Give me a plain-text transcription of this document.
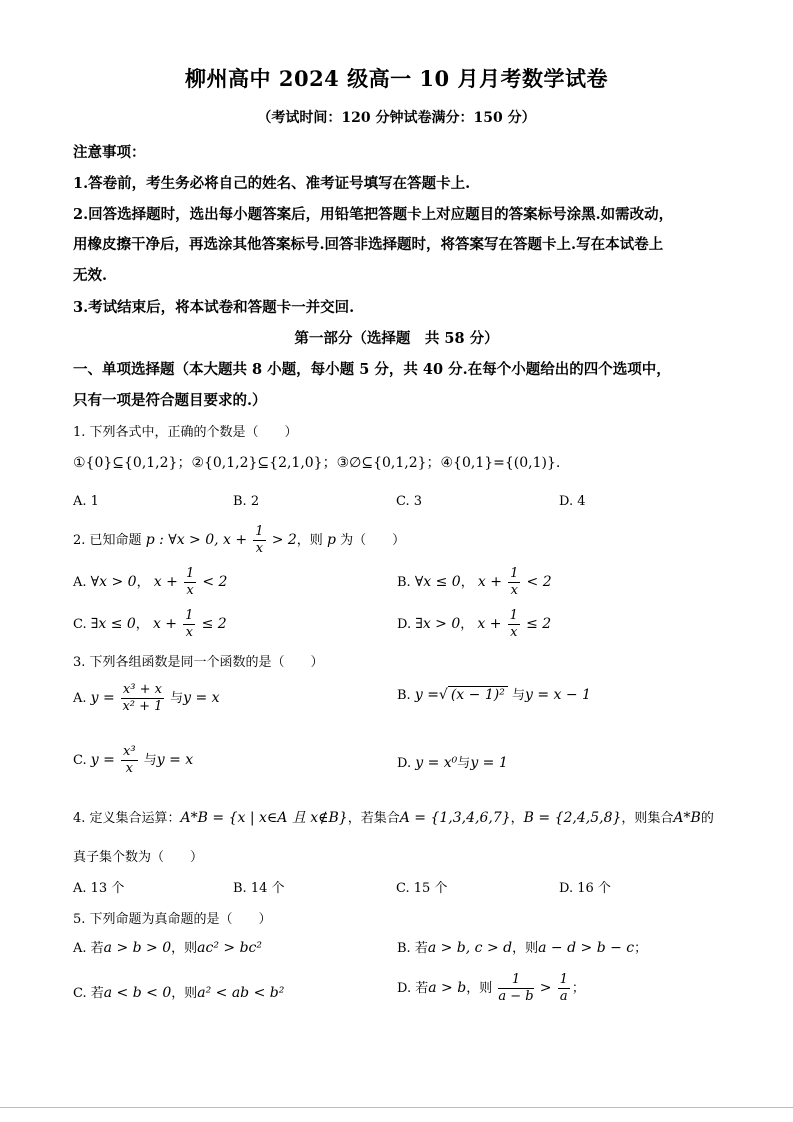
柳州高中 2024 级高一 10 月月考数学试卷
（考试时间：120 分钟试卷满分：150 分）
注意事项：
1.答卷前，考生务必将自己的姓名、准考证号填写在答题卡上.
2.回答选择题时，选出每小题答案后，用铅笔把答题卡上对应题目的答案标号涂黑.如需改动，
用橡皮擦干净后，再选涂其他答案标号.回答非选择题时，将答案写在答题卡上.写在本试卷上
无效.
3.考试结束后，将本试卷和答题卡一并交回.
第一部分（选择题　共 58 分）
一、单项选择题（本大题共 8 小题，每小题 5 分，共 40 分.在每个小题给出的四个选项中，
只有一项是符合题目要求的.）
1. 下列各式中，正确的个数是（　　）
①{0}⊆{0,1,2}；②{0,1,2}⊆{2,1,0}；③∅⊆{0,1,2}；④{0,1}={(0,1)}.
A. 1	B. 2	C. 3	D. 4
2. 已知命题 p : ∀x > 0, $x + \frac{1}{x} > 2$，则 p 为（　　）
A. ∀x > 0， $x + \frac{1}{x} < 2$	B. ∀x ≤ 0， $x + \frac{1}{x} < 2$
C. ∃x ≤ 0， $x + \frac{1}{x} \le 2$	D. ∃x > 0， $x + \frac{1}{x} \le 2$
3. 下列各组函数是同一个函数的是（　　）
A. $y = \frac{\text{x³ + x}}{\text{x² + 1}}$ 与y = x	B. y =√ (x − 1)² 与y = x − 1
C. $y = \frac{\text{x³}}{x}$ 与y = x	D. y = x⁰与y = 1
4. 定义集合运算：A*B = {x | x∈A 且 x∉B}，若集合A = {1,3,4,6,7}，B = {2,4,5,8}，则集合A*B的
真子集个数为（　　）
A. 13 个	B. 14 个	C. 15 个	D. 16 个
5. 下列命题为真命题的是（　　）
A. 若a > b > 0，则ac² > bc²	B. 若a > b, c > d，则a − d > b − c；
C. 若a < b < 0，则a² < ab < b²	D. 若a > b，则 $\frac{1}{a - b} > \frac{1}{a}$ ；
